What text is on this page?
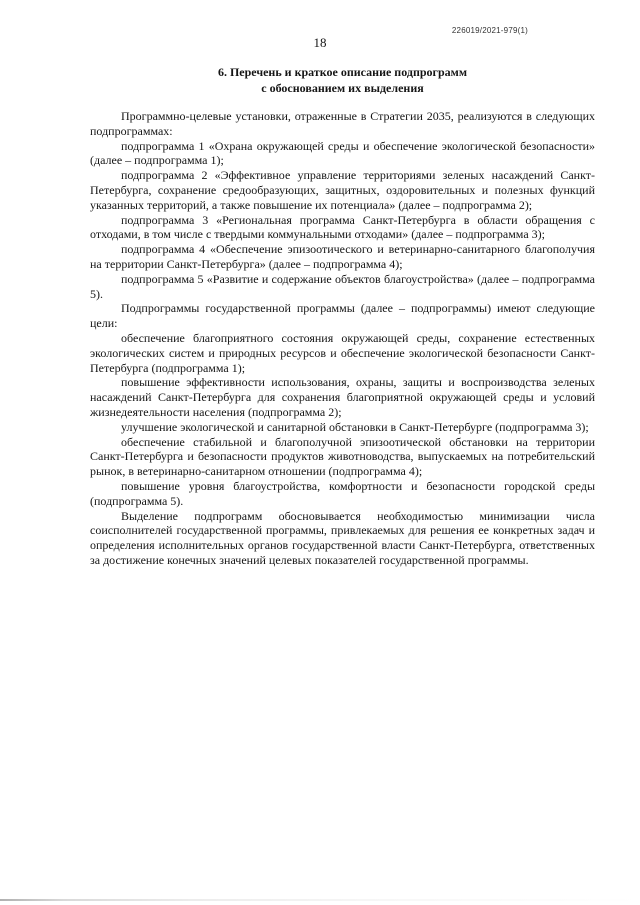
226019/2021-979(1)
18
6. Перечень и краткое описание подпрограмм
с обоснованием их выделения

Программно-целевые установки, отраженные в Стратегии 2035, реализуются в следующих подпрограммах:

подпрограмма 1 «Охрана окружающей среды и обеспечение экологической безопасности» (далее – подпрограмма 1);

подпрограмма 2 «Эффективное управление территориями зеленых насаждений Санкт-Петербурга, сохранение средообразующих, защитных, оздоровительных и полезных функций указанных территорий, а также повышение их потенциала» (далее – подпрограмма 2);

подпрограмма 3 «Региональная программа Санкт-Петербурга в области обращения с отходами, в том числе с твердыми коммунальными отходами» (далее – подпрограмма 3);

подпрограмма 4 «Обеспечение эпизоотического и ветеринарно-санитарного благополучия на территории Санкт-Петербурга» (далее – подпрограмма 4);

подпрограмма 5 «Развитие и содержание объектов благоустройства» (далее – подпрограмма 5).

Подпрограммы государственной программы (далее – подпрограммы) имеют следующие цели:

обеспечение благоприятного состояния окружающей среды, сохранение естественных экологических систем и природных ресурсов и обеспечение экологической безопасности Санкт-Петербурга (подпрограмма 1);

повышение эффективности использования, охраны, защиты и воспроизводства зеленых насаждений Санкт-Петербурга для сохранения благоприятной окружающей среды и условий жизнедеятельности населения (подпрограмма 2);

улучшение экологической и санитарной обстановки в Санкт-Петербурге (подпрограмма 3);

обеспечение стабильной и благополучной эпизоотической обстановки на территории Санкт-Петербурга и безопасности продуктов животноводства, выпускаемых на потребительский рынок, в ветеринарно-санитарном отношении (подпрограмма 4);

повышение уровня благоустройства, комфортности и безопасности городской среды (подпрограмма 5).

Выделение подпрограмм обосновывается необходимостью минимизации числа соисполнителей государственной программы, привлекаемых для решения ее конкретных задач и определения исполнительных органов государственной власти Санкт-Петербурга, ответственных за достижение конечных значений целевых показателей государственной программы.
